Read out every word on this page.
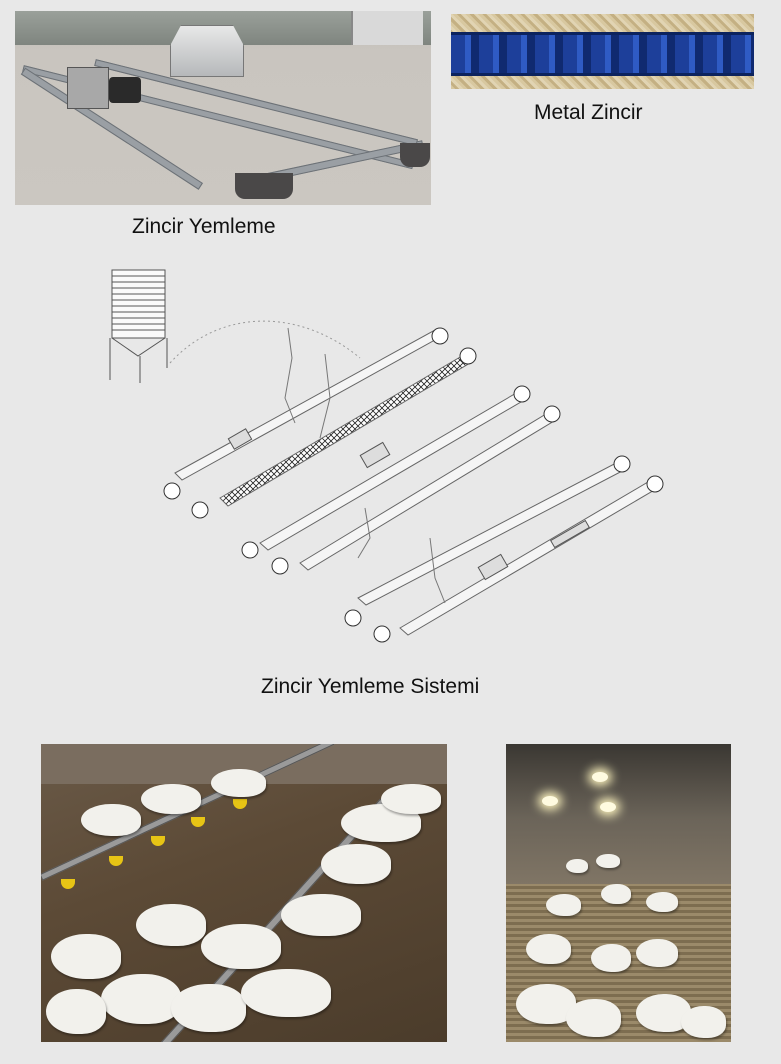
Zincir Yemleme
Metal Zincir
Zincir Yemleme Sistemi
